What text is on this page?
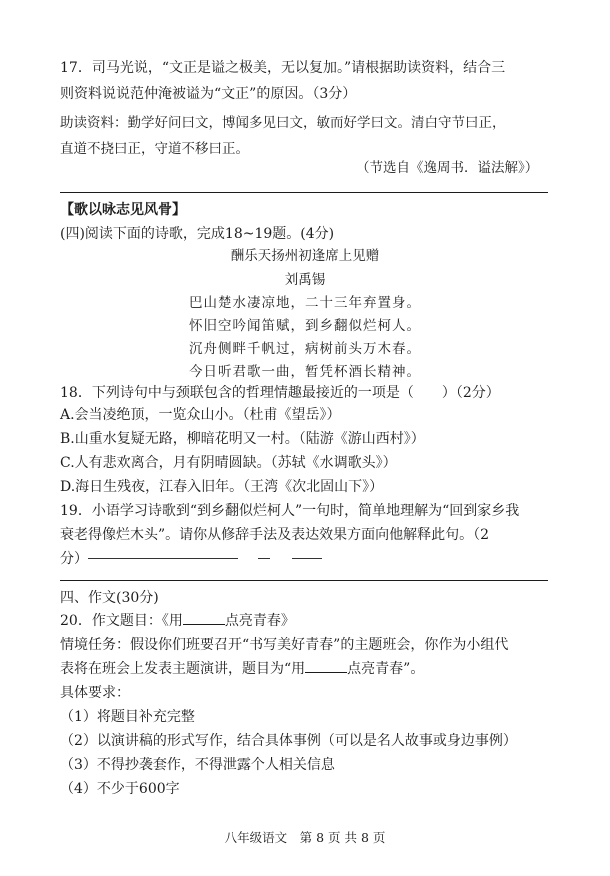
17．司马光说，“文正是谥之极美，无以复加。”请根据助读资料，结合三
则资料说说范仲淹被谥为“文正”的原因。（3分）
助读资料：勤学好问曰文，博闻多见曰文，敏而好学曰文。清白守节曰正，
直道不挠曰正，守道不移曰正。
（节选自《逸周书．谥法解》）
【歌以咏志见风骨】
(四)阅读下面的诗歌，完成18~19题。(4分)
酬乐天扬州初逢席上见赠
刘禹锡
巴山楚水凄凉地，二十三年弃置身。
怀旧空吟闻笛赋，到乡翻似烂柯人。
沉舟侧畔千帆过，病树前头万木春。
今日听君歌一曲，暂凭杯酒长精神。
18．下列诗句中与颈联包含的哲理情趣最接近的一项是（　　）（2分）
A.会当凌绝顶，一览众山小。（杜甫《望岳》）
B.山重水复疑无路，柳暗花明又一村。（陆游《游山西村》）
C.人有悲欢离合，月有阴晴圆缺。（苏轼《水调歌头》）
D.海日生残夜，江春入旧年。（王湾《次北固山下》）
19．小语学习诗歌到“到乡翻似烂柯人”一句时，简单地理解为“回到家乡我
衰老得像烂木头”。请你从修辞手法及表达效果方面向他解释此句。（2
分）
四、作文(30分)
20．作文题目：《用	点亮青春》
情境任务：假设你们班要召开“书写美好青春”的主题班会，你作为小组代
表将在班会上发表主题演讲，题目为“用	点亮青春”。
具体要求：
（1）将题目补充完整
（2）以演讲稿的形式写作，结合具体事例（可以是名人故事或身边事例）
（3）不得抄袭套作，不得泄露个人相关信息
（4）不少于600字
八年级语文　第 8 页 共 8 页
